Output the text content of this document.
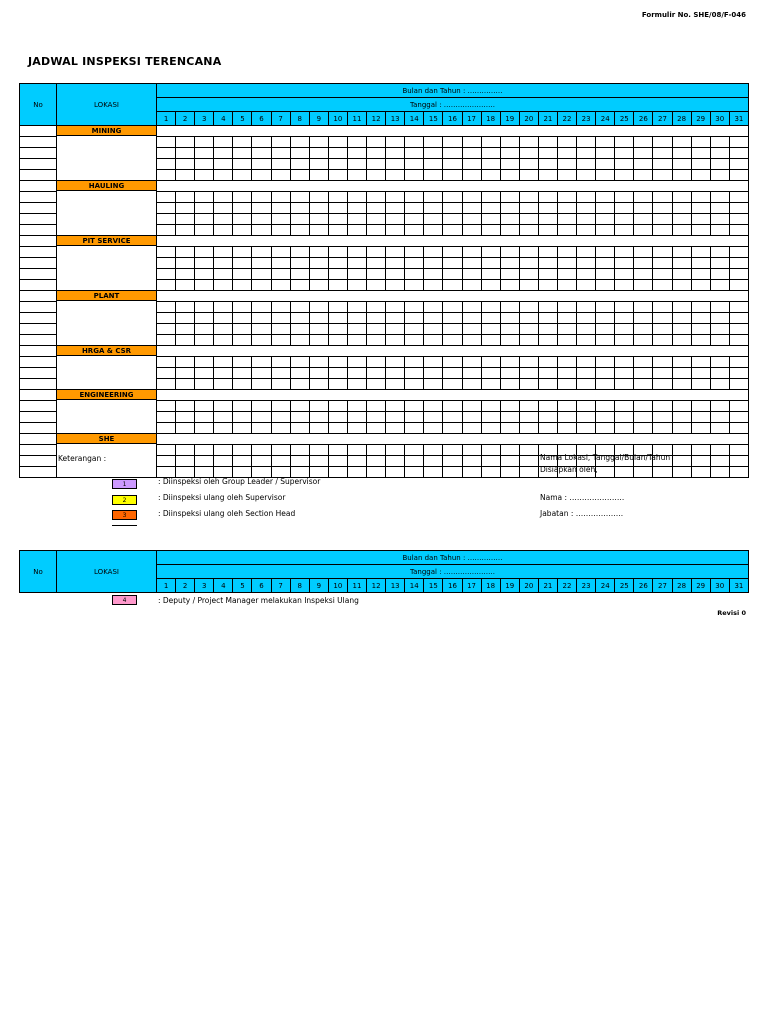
Formulir No. SHE/08/F-046
JADWAL INSPEKSI TERENCANA
No	LOKASI	Bulan dan Tahun : ……………																														
		Tanggal : ………………….																														
		1	2	3	4	5	6	7	8	9	10	11	12	13	14	15	16	17	18	19	20	21	22	23	24	25	26	27	28	29	30	31

	MINING																															

	HAULING																															

	PIT SERVICE																															

	PLANT																															

	HRGA & CSR																															

	ENGINEERING																															

	SHE																															

Keterangan :
1	: Diinspeksi oleh Group Leader / Supervisor
2	: Diinspeksi ulang oleh Supervisor
3	: Diinspeksi ulang oleh Section Head
Nama Lokasi, Tanggal/Bulan/Tahun
Disiapkan oleh,
Nama : ………………….
Jabatan : ……………….
No	LOKASI	Bulan dan Tahun : ……………																														
		Tanggal : ………………….																														
		1	2	3	4	5	6	7	8	9	10	11	12	13	14	15	16	17	18	19	20	21	22	23	24	25	26	27	28	29	30	31
4	: Deputy / Project Manager melakukan Inspeksi Ulang
Revisi 0
